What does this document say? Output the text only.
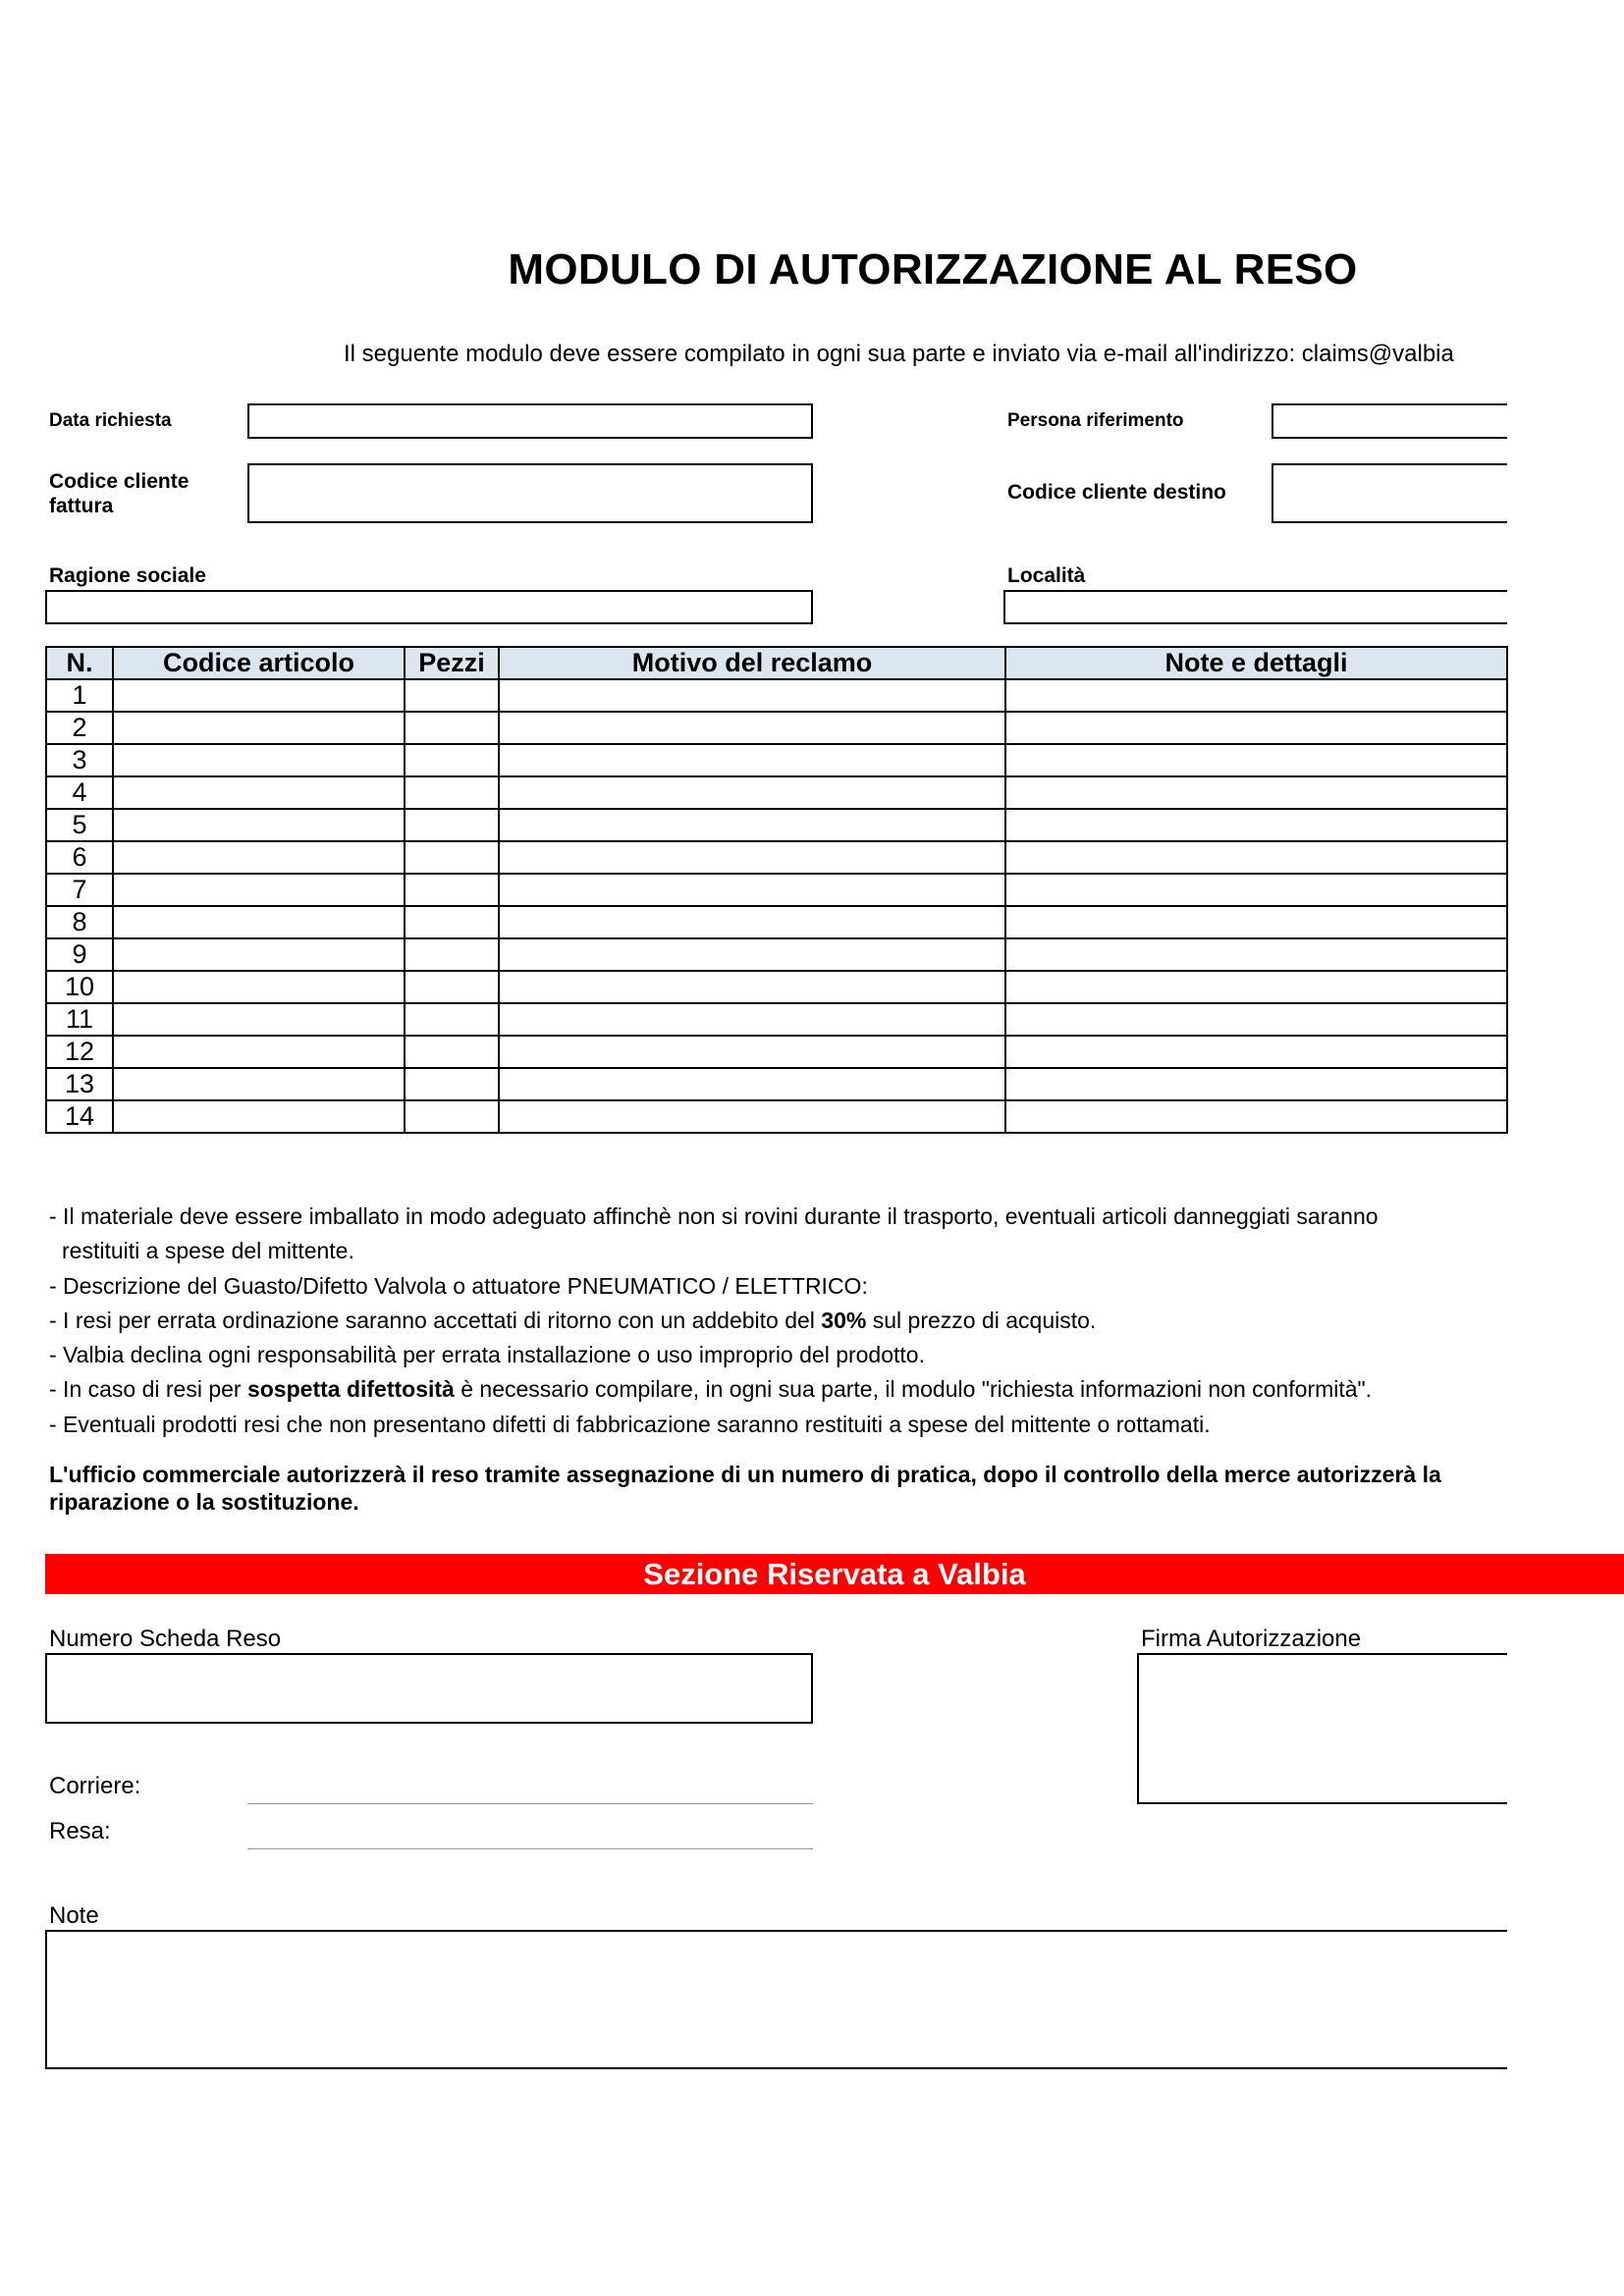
MODULO DI AUTORIZZAZIONE AL RESO
Il seguente modulo deve essere compilato in ogni sua parte e inviato via e-mail all'indirizzo: claims@valbia
Data richiesta	Persona riferimento
Codice cliente fattura
Codice cliente destino
Ragione sociale	Località
N.	Codice articolo	Pezzi	Motivo del reclamo	Note e dettagli
1				
2				
3				
4				
5				
6				
7				
8				
9				
10				
11				
12				
13				
14				
- Il materiale deve essere imballato in modo adeguato affinchè non si rovini durante il trasporto, eventuali articoli danneggiati saranno
restituiti a spese del mittente.
- Descrizione del Guasto/Difetto Valvola o attuatore PNEUMATICO / ELETTRICO:
- I resi per errata ordinazione saranno accettati di ritorno con un addebito del 30% sul prezzo di acquisto.
- Valbia declina ogni responsabilità per errata installazione o uso improprio del prodotto.
- In caso di resi per sospetta difettosità è necessario compilare, in ogni sua parte, il modulo "richiesta informazioni non conformità".
- Eventuali prodotti resi che non presentano difetti di fabbricazione saranno restituiti a spese del mittente o rottamati.
L'ufficio commerciale autorizzerà il reso tramite assegnazione di un numero di pratica, dopo il controllo della merce autorizzerà la
riparazione o la sostituzione.
Sezione Riservata a Valbia
Numero Scheda Reso	Firma Autorizzazione
Corriere:
Resa:
Note
